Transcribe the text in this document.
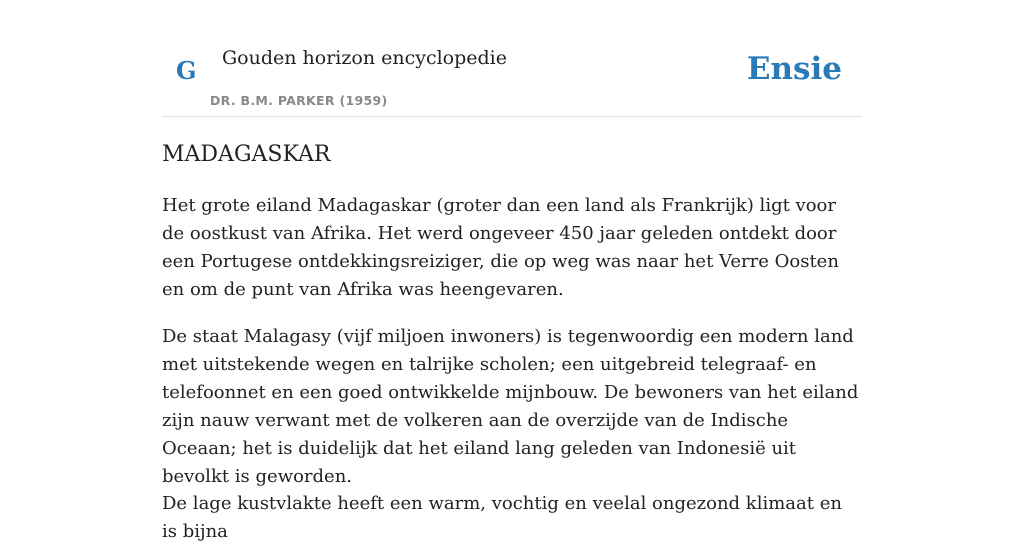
G Gouden horizon encyclopedie
DR. B.M. PARKER (1959)
Ensie
MADAGASKAR

Het grote eiland Madagaskar (groter dan een land als Frankrijk) ligt voor de oostkust van Afrika. Het werd ongeveer 450 jaar geleden ontdekt door een Portugese ontdekkingsreiziger, die op weg was naar het Verre Oosten en om de punt van Afrika was heengevaren.

De staat Malagasy (vijf miljoen inwoners) is tegenwoordig een modern land met uitstekende wegen en talrijke scholen; een uitgebreid telegraaf- en telefoonnet en een goed ontwikkelde mijnbouw. De bewoners van het eiland zijn nauw verwant met de volkeren aan de overzijde van de Indische Oceaan; het is duidelijk dat het eiland lang geleden van Indonesië uit bevolkt is geworden.

De lage kustvlakte heeft een warm, vochtig en veelal ongezond klimaat en is bijna
